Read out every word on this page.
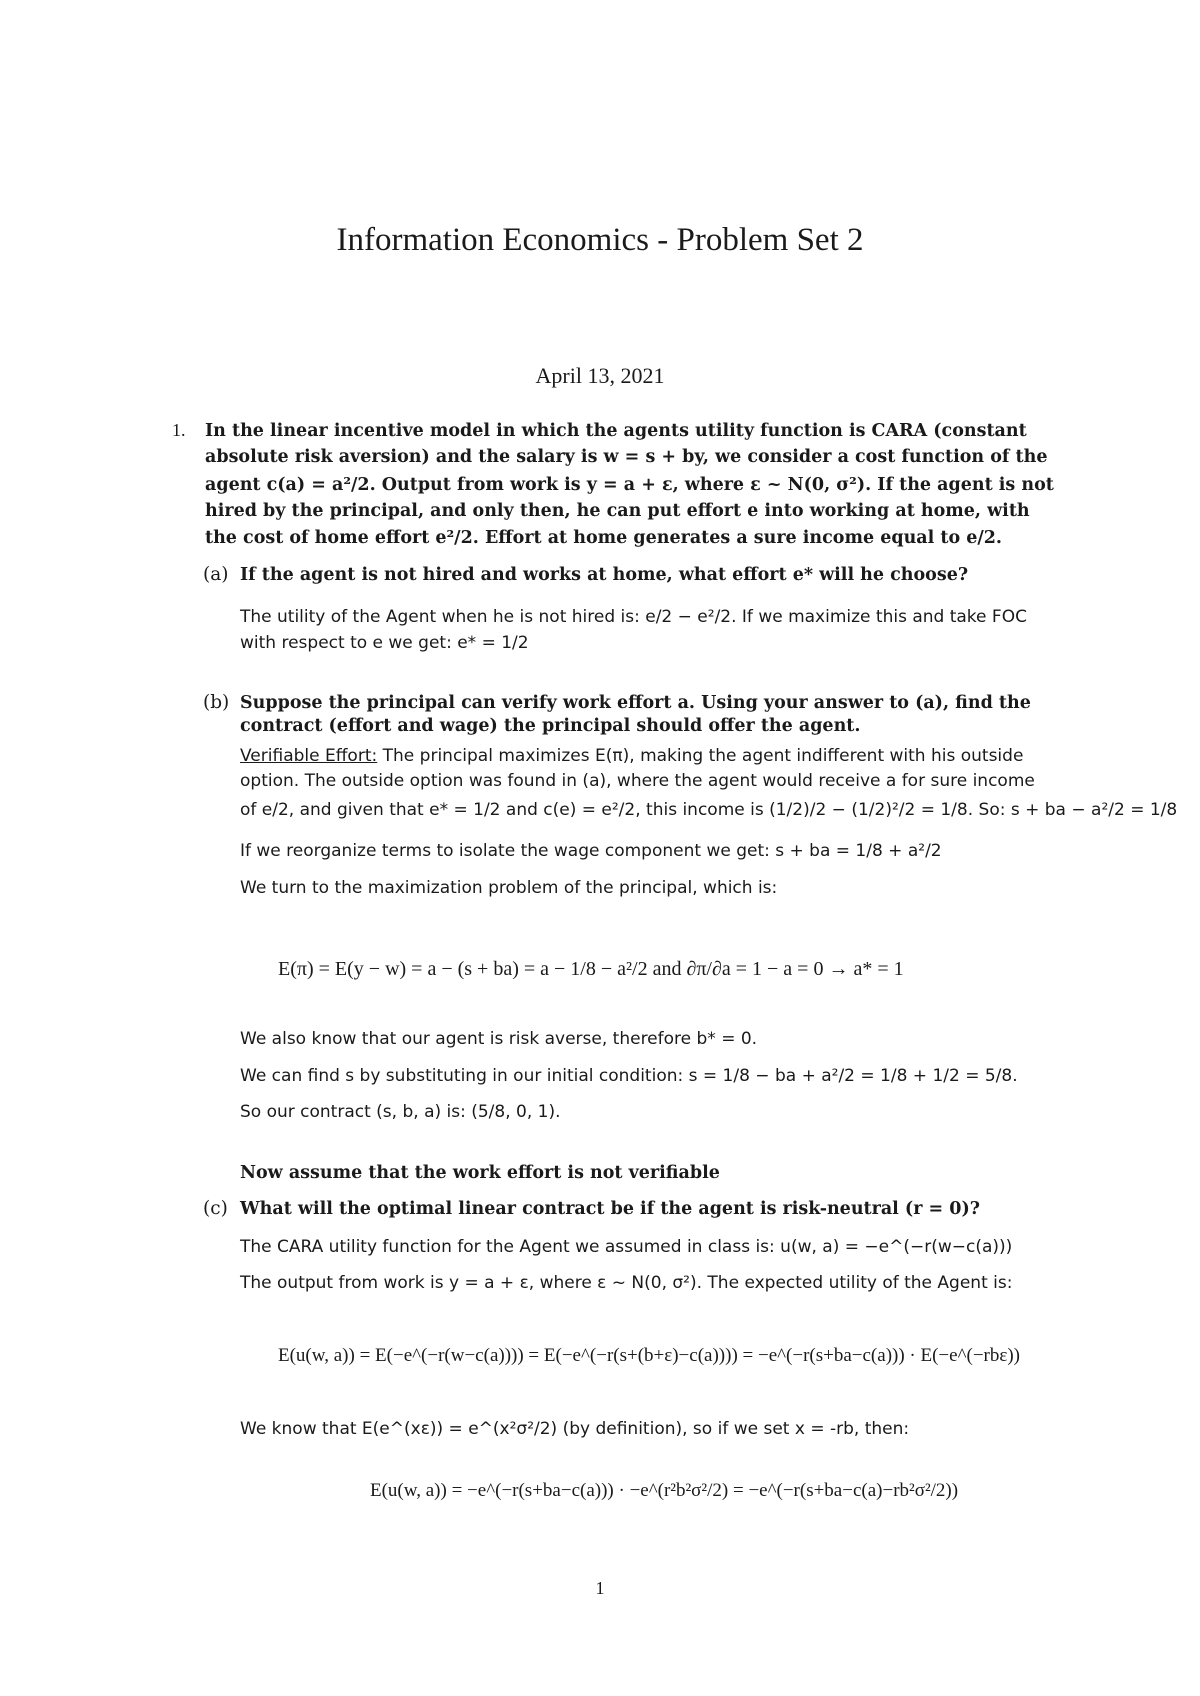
Information Economics - Problem Set 2
April 13, 2021
1. In the linear incentive model in which the agents utility function is CARA (constant
absolute risk aversion) and the salary is w = s + by, we consider a cost function of the
agent c(a) = a²/2. Output from work is y = a + ε, where ε ~ N(0, σ²). If the agent is not
hired by the principal, and only then, he can put effort e into working at home, with
the cost of home effort e²/2. Effort at home generates a sure income equal to e/2.
(a) If the agent is not hired and works at home, what effort e* will he choose?
The utility of the Agent when he is not hired is: e/2 − e²/2. If we maximize this and take FOC
with respect to e we get: e* = 1/2
(b) Suppose the principal can verify work effort a. Using your answer to (a), find the
contract (effort and wage) the principal should offer the agent.
Verifiable Effort: The principal maximizes E(π), making the agent indifferent with his outside
option. The outside option was found in (a), where the agent would receive a for sure income
of e/2, and given that e* = 1/2 and c(e) = e²/2, this income is (1/2)/2 − (1/2)²/2 = 1/8. So: s + ba − a²/2 = 1/8
If we reorganize terms to isolate the wage component we get: s + ba = 1/8 + a²/2
We turn to the maximization problem of the principal, which is:
E(π) = E(y − w) = a − (s + ba) = a − 1/8 − a²/2 and ∂π/∂a = 1 − a = 0 → a* = 1
We also know that our agent is risk averse, therefore b* = 0.
We can find s by substituting in our initial condition: s = 1/8 − ba + a²/2 = 1/8 + 1/2 = 5/8.
So our contract (s, b, a) is: (5/8, 0, 1).
Now assume that the work effort is not verifiable
(c) What will the optimal linear contract be if the agent is risk-neutral (r = 0)?
The CARA utility function for the Agent we assumed in class is: u(w, a) = −e^(−r(w−c(a)))
The output from work is y = a + ε, where ε ~ N(0, σ²). The expected utility of the Agent is:
E(u(w, a)) = E(−e^(−r(w−c(a)))) = E(−e^(−r(s+(b+ε)−c(a)))) = −e^(−r(s+ba−c(a))) · E(−e^(−rbε))
We know that E(e^(xε)) = e^(x²σ²/2) (by definition), so if we set x = -rb, then:
E(u(w, a)) = −e^(−r(s+ba−c(a))) · −e^(r²b²σ²/2) = −e^(−r(s+ba−c(a)−rb²σ²/2))
1
